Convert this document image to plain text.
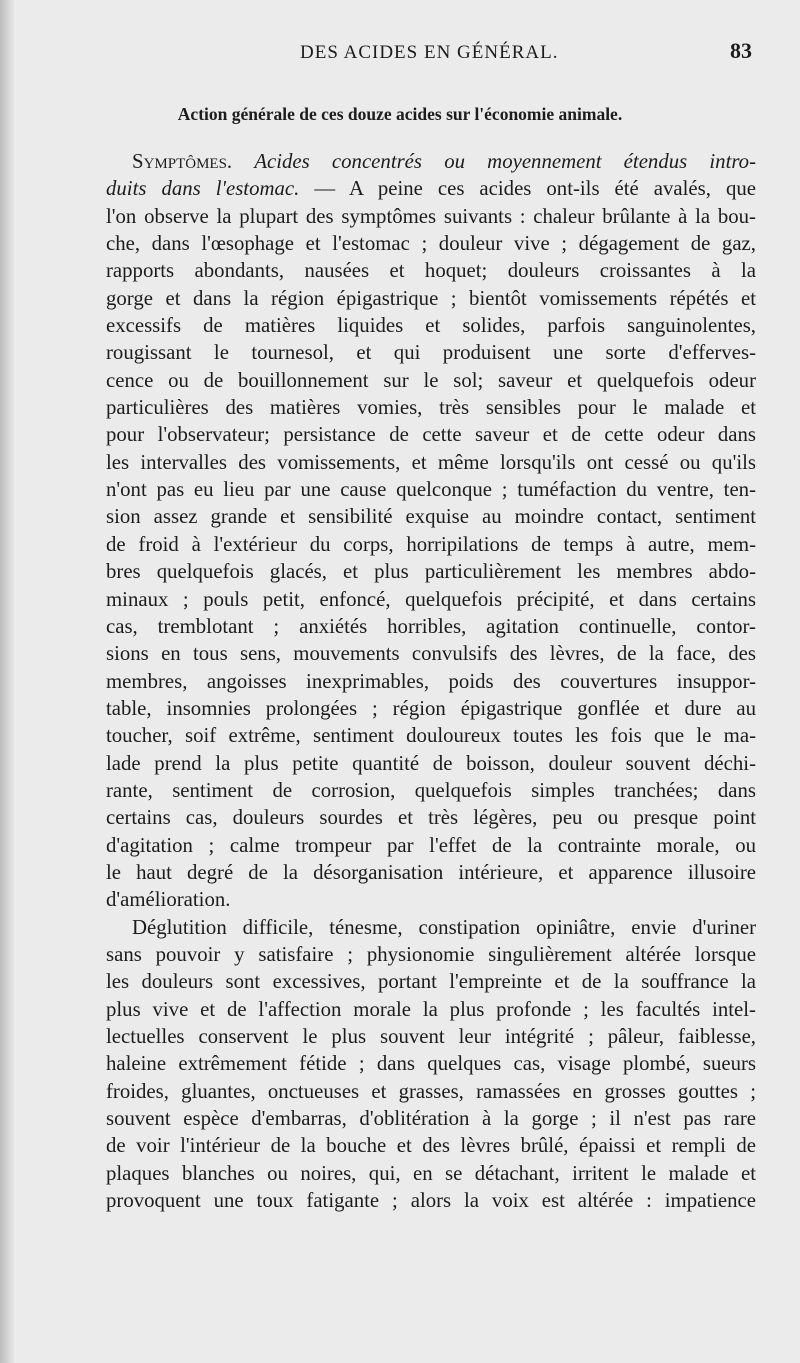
DES ACIDES EN GÉNÉRAL.	83
Action générale de ces douze acides sur l'économie animale.
Symptômes. Acides concentrés ou moyennement étendus intro-
duits dans l'estomac. — A peine ces acides ont-ils été avalés, que
l'on observe la plupart des symptômes suivants : chaleur brûlante à la bou-
che, dans l'œsophage et l'estomac ; douleur vive ; dégagement de gaz,
rapports abondants, nausées et hoquet; douleurs croissantes à la
gorge et dans la région épigastrique ; bientôt vomissements répétés et
excessifs de matières liquides et solides, parfois sanguinolentes,
rougissant le tournesol, et qui produisent une sorte d'efferves-
cence ou de bouillonnement sur le sol; saveur et quelquefois odeur
particulières des matières vomies, très sensibles pour le malade et
pour l'observateur; persistance de cette saveur et de cette odeur dans
les intervalles des vomissements, et même lorsqu'ils ont cessé ou qu'ils
n'ont pas eu lieu par une cause quelconque ; tuméfaction du ventre, ten-
sion assez grande et sensibilité exquise au moindre contact, sentiment
de froid à l'extérieur du corps, horripilations de temps à autre, mem-
bres quelquefois glacés, et plus particulièrement les membres abdo-
minaux ; pouls petit, enfoncé, quelquefois précipité, et dans certains
cas, tremblotant ; anxiétés horribles, agitation continuelle, contor-
sions en tous sens, mouvements convulsifs des lèvres, de la face, des
membres, angoisses inexprimables, poids des couvertures insuppor-
table, insomnies prolongées ; région épigastrique gonflée et dure au
toucher, soif extrême, sentiment douloureux toutes les fois que le ma-
lade prend la plus petite quantité de boisson, douleur souvent déchi-
rante, sentiment de corrosion, quelquefois simples tranchées; dans
certains cas, douleurs sourdes et très légères, peu ou presque point
d'agitation ; calme trompeur par l'effet de la contrainte morale, ou
le haut degré de la désorganisation intérieure, et apparence illusoire
d'amélioration.
Déglutition difficile, ténesme, constipation opiniâtre, envie d'uriner
sans pouvoir y satisfaire ; physionomie singulièrement altérée lorsque
les douleurs sont excessives, portant l'empreinte et de la souffrance la
plus vive et de l'affection morale la plus profonde ; les facultés intel-
lectuelles conservent le plus souvent leur intégrité ; pâleur, faiblesse,
haleine extrêmement fétide ; dans quelques cas, visage plombé, sueurs
froides, gluantes, onctueuses et grasses, ramassées en grosses gouttes ;
souvent espèce d'embarras, d'oblitération à la gorge ; il n'est pas rare
de voir l'intérieur de la bouche et des lèvres brûlé, épaissi et rempli de
plaques blanches ou noires, qui, en se détachant, irritent le malade et
provoquent une toux fatigante ; alors la voix est altérée : impatience
